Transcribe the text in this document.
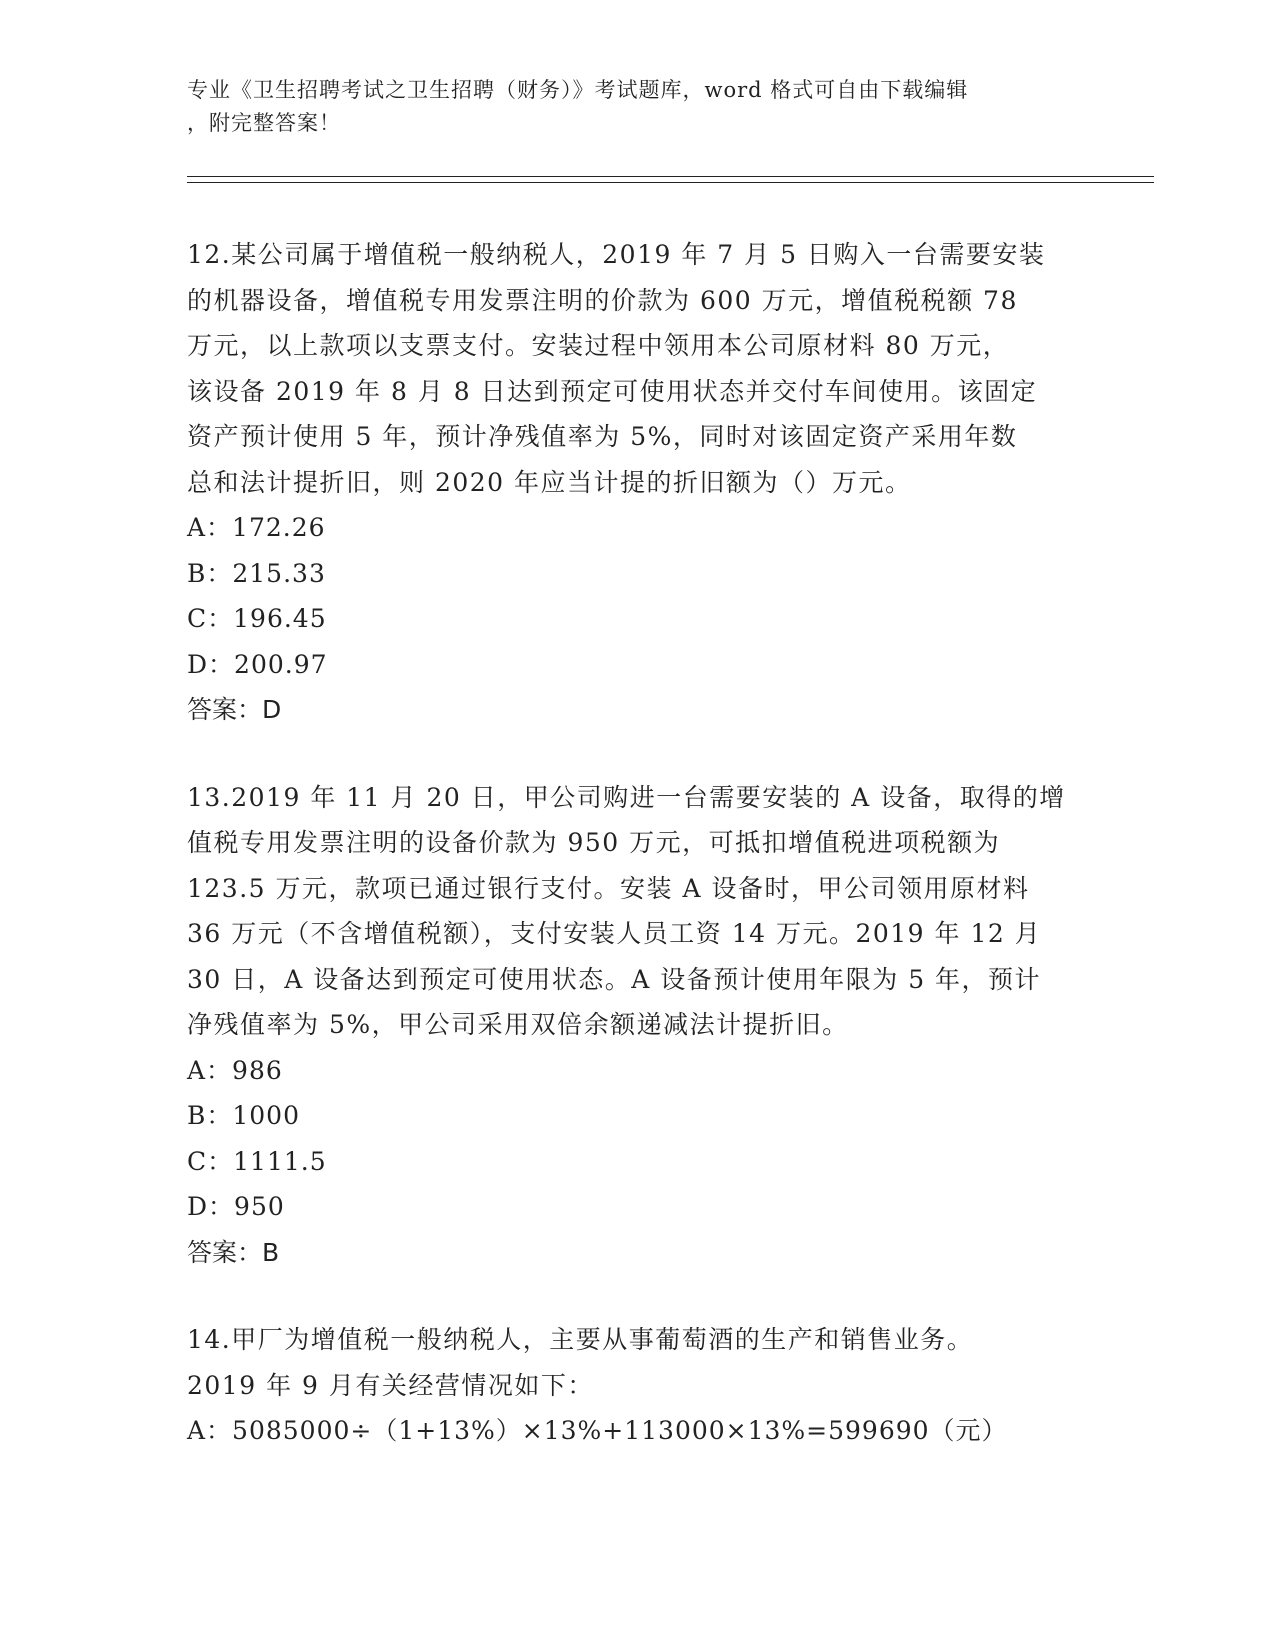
专业《卫生招聘考试之卫生招聘（财务）》考试题库，word 格式可自由下载编辑
，附完整答案！

12.某公司属于增值税一般纳税人，2019 年 7 月 5 日购入一台需要安装

的机器设备，增值税专用发票注明的价款为 600 万元，增值税税额 78

万元，以上款项以支票支付。安装过程中领用本公司原材料 80 万元，

该设备 2019 年 8 月 8 日达到预定可使用状态并交付车间使用。该固定

资产预计使用 5 年，预计净残值率为 5%，同时对该固定资产采用年数

总和法计提折旧，则 2020 年应当计提的折旧额为（）万元。

A：172.26

B：215.33

C：196.45

D：200.97

答案：D

13.2019 年 11 月 20 日，甲公司购进一台需要安装的 A 设备，取得的增

值税专用发票注明的设备价款为 950 万元，可抵扣增值税进项税额为

123.5 万元，款项已通过银行支付。安装 A 设备时，甲公司领用原材料

36 万元（不含增值税额），支付安装人员工资 14 万元。2019 年 12 月

30 日，A 设备达到预定可使用状态。A 设备预计使用年限为 5 年，预计

净残值率为 5%，甲公司采用双倍余额递减法计提折旧。

A：986

B：1000

C：1111.5

D：950

答案：B

14.甲厂为增值税一般纳税人，主要从事葡萄酒的生产和销售业务。

2019 年 9 月有关经营情况如下：

A：5085000÷（1+13%）×13%+113000×13%=599690（元）
